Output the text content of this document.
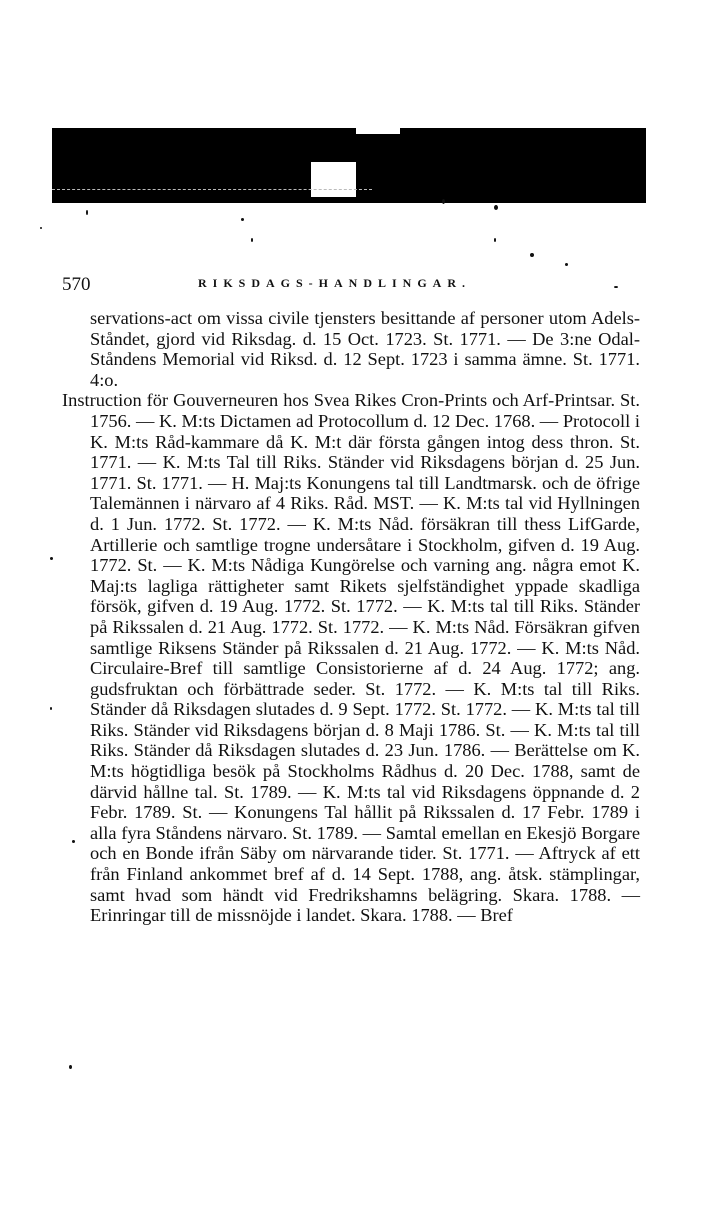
570	RIKSDAGS-HANDLINGAR.

servations-act om vissa civile tjensters besittande af personer utom Adels-Ståndet, gjord vid Riksdag. d. 15 Oct. 1723. St. 1771. — De 3:ne Odal-Ståndens Memorial vid Riksd. d. 12 Sept. 1723 i samma ämne. St. 1771. 4:o.

Instruction för Gouverneuren hos Svea Rikes Cron-Prints och Arf-Printsar. St. 1756. — K. M:ts Dictamen ad Protocollum d. 12 Dec. 1768. — Protocoll i K. M:ts Råd-kammare då K. M:t där första gången intog dess thron. St. 1771. — K. M:ts Tal till Riks. Ständer vid Riksdagens början d. 25 Jun. 1771. St. 1771. — H. Maj:ts Konungens tal till Landtmarsk. och de öfrige Talemännen i närvaro af 4 Riks. Råd. MST. — K. M:ts tal vid Hyllningen d. 1 Jun. 1772. St. 1772. — K. M:ts Nåd. försäkran till thess LifGarde, Artillerie och samtlige trogne undersåtare i Stockholm, gifven d. 19 Aug. 1772. St. — K. M:ts Nådiga Kungörelse och varning ang. några emot K. Maj:ts lagliga rättigheter samt Rikets sjelfständighet yppade skadliga försök, gifven d. 19 Aug. 1772. St. 1772. — K. M:ts tal till Riks. Ständer på Rikssalen d. 21 Aug. 1772. St. 1772. — K. M:ts Nåd. Försäkran gifven samtlige Riksens Ständer på Rikssalen d. 21 Aug. 1772. — K. M:ts Nåd. Circulaire-Bref till samtlige Consistorierne af d. 24 Aug. 1772; ang. gudsfruktan och förbättrade seder. St. 1772. — K. M:ts tal till Riks. Ständer då Riksdagen slutades d. 9 Sept. 1772. St. 1772. — K. M:ts tal till Riks. Ständer vid Riksdagens början d. 8 Maji 1786. St. — K. M:ts tal till Riks. Ständer då Riksdagen slutades d. 23 Jun. 1786. — Berättelse om K. M:ts högtidliga besök på Stockholms Rådhus d. 20 Dec. 1788, samt de därvid hållne tal. St. 1789. — K. M:ts tal vid Riksdagens öppnande d. 2 Febr. 1789. St. — Konungens Tal hållit på Rikssalen d. 17 Febr. 1789 i alla fyra Ståndens närvaro. St. 1789. — Samtal emellan en Ekesjö Borgare och en Bonde ifrån Säby om närvarande tider. St. 1771. — Aftryck af ett från Finland ankommet bref af d. 14 Sept. 1788, ang. åtsk. stämplingar, samt hvad som händt vid Fredrikshamns belägring. Skara. 1788. — Erinringar till de missnöjde i landet. Skara. 1788. — Bref
